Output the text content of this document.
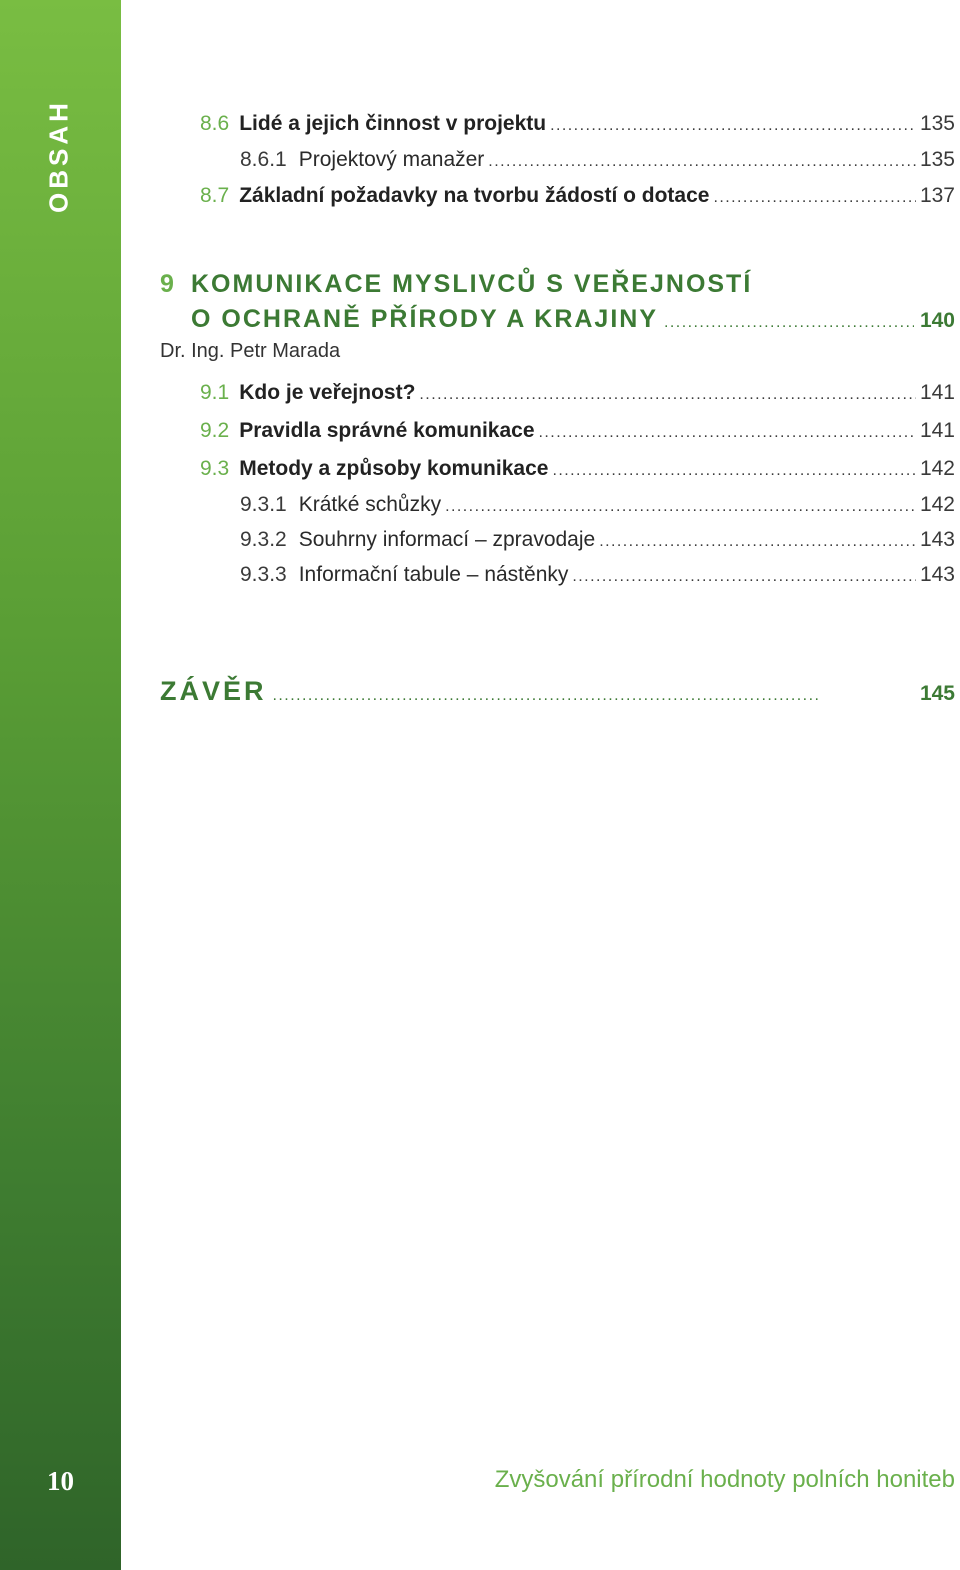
OBSAH
10
8.6 Lidé a jejich činnost v projektu . . .	135
8.6.1 Projektový manažer . . .	135
8.7 Základní požadavky na tvorbu žádostí o dotace . . .	137
9 KOMUNIKACE MYSLIVCŮ S VEŘEJNOSTÍ
O OCHRANĚ PŘÍRODY A KRAJINY . . .	140
Dr. Ing. Petr Marada
9.1 Kdo je veřejnost? . . .	141
9.2 Pravidla správné komunikace . . .	141
9.3 Metody a způsoby komunikace . . .	142
9.3.1 Krátké schůzky . . .	142
9.3.2 Souhrny informací – zpravodaje . . .	143
9.3.3 Informační tabule – nástěnky . . .	143
ZÁVĚR . . .	145
Zvyšování přírodní hodnoty polních honiteb
